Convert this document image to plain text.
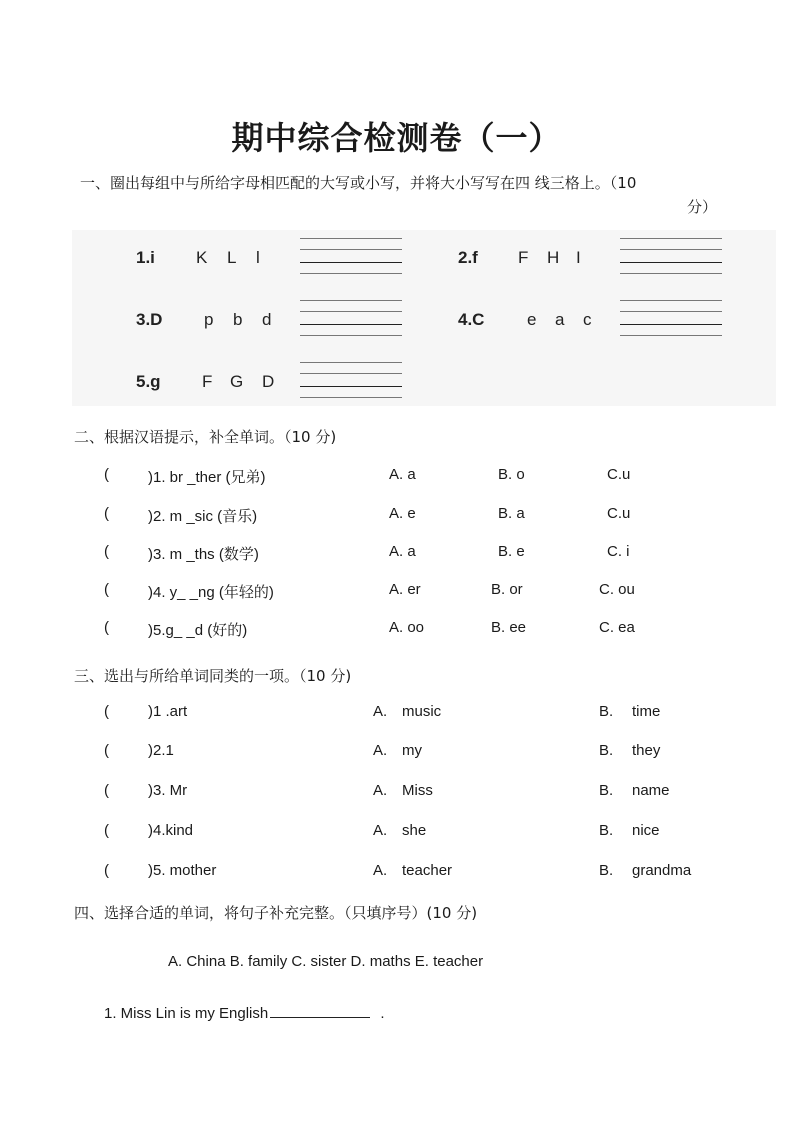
期中综合检测卷（一）
一、圈出每组中与所给字母相匹配的大写或小写，并将大小写写在四 线三格上。（10
分）
1.i K L l	2.f F H I
3.D p b d	4.C	e a c
5.g F G D
二、根据汉语提示，补全单词。（10 分)
(	)1. br _ther (兄弟)	A. a	B. o	C.u
(	)2. m _sic (音乐)	A. e	B. a	C.u
(	)3. m _ths (数学)	A. a	B. e	C. i
(	)4. y_ _ng (年轻的)	A. er	B. or	C. ou
(	)5.g_ _d (好的)	A. oo	B. ee	C. ea
三、选出与所给单词同类的一项。（10 分)
(	)1 .art	A. music	B. time
(	)2.1	A. my	B. they
(	)3. Mr	A. Miss	B. name
(	)4.kind	A. she	B. nice
(	)5. mother	A. teacher	B. grandma
四、选择合适的单词，将句子补充完整。（只填序号）(10 分)
A. China B. family C. sister D. maths E. teacher
1. Miss Lin is my English	.
